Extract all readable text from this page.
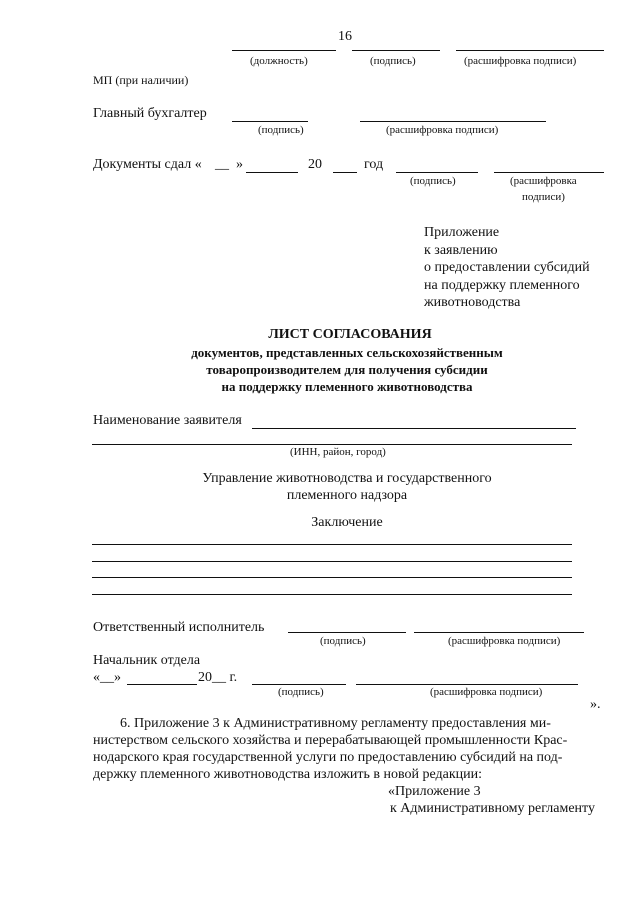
16
(должность)	(подпись)	(расшифровка подписи)
МП (при наличии)
Главный бухгалтер
(подпись)	(расшифровка подписи)
Документы сдал « __ »	20	год
(подпись)	(расшифровка
подписи)
Приложение
к заявлению
о предоставлении субсидий
на поддержку племенного
животноводства
ЛИСТ СОГЛАСОВАНИЯ
документов, представленных сельскохозяйственным
товаропроизводителем для получения субсидии
на поддержку племенного животноводства
Наименование заявителя
(ИНН, район, город)
Управление животноводства и государственного
племенного надзора
Заключение
Ответственный исполнитель
(подпись)	(расшифровка подписи)
Начальник отдела
«__»	20__ г.
(подпись)	(расшифровка подписи)
».
6. Приложение 3 к Административному регламенту предоставления ми-
нистерством сельского хозяйства и перерабатывающей промышленности Крас-
нодарского края государственной услуги по предоставлению субсидий на под-
держку племенного животноводства изложить в новой редакции:
«Приложение 3
к Административному регламенту
